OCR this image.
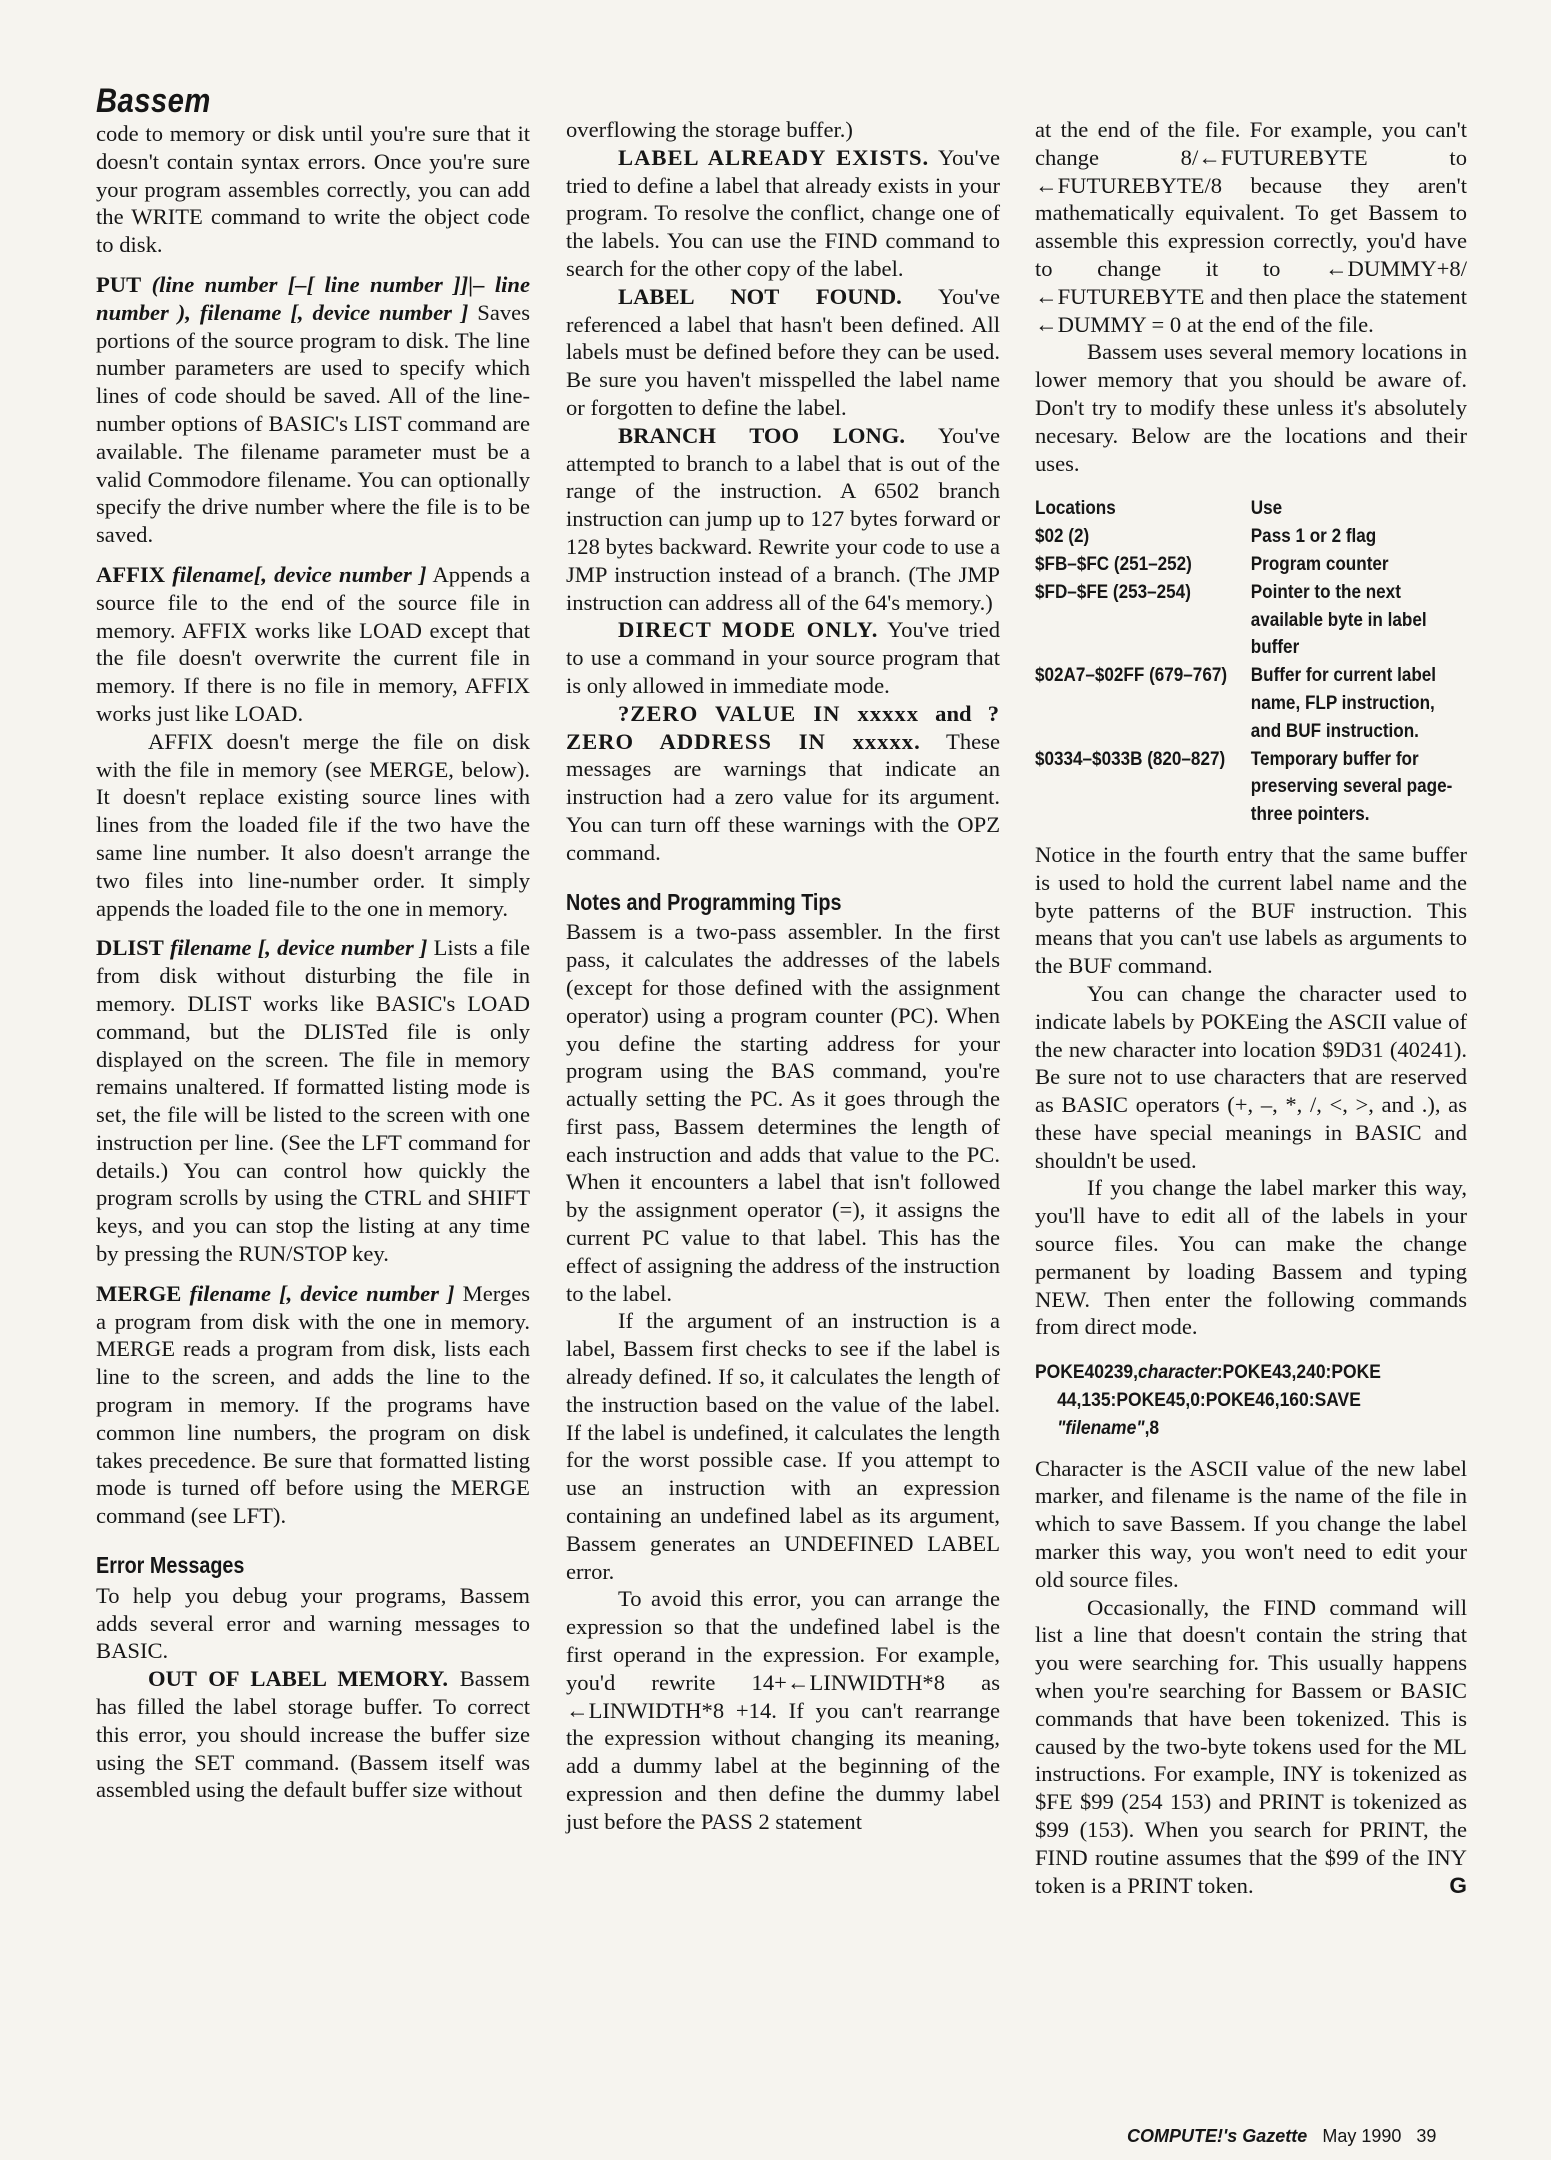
Bassem

code to memory or disk until you're sure that it doesn't contain syntax errors. Once you're sure your program assembles correctly, you can add the WRITE command to write the object code to disk.

PUT (line number [–[ line number ]]|– line number ), filename [, device number ] Saves portions of the source program to disk. The line number parameters are used to specify which lines of code should be saved. All of the line-number options of BASIC's LIST command are available. The filename parameter must be a valid Commodore filename. You can optionally specify the drive number where the file is to be saved.

AFFIX filename[, device number ] Appends a source file to the end of the source file in memory. AFFIX works like LOAD except that the file doesn't overwrite the current file in memory. If there is no file in memory, AFFIX works just like LOAD.

AFFIX doesn't merge the file on disk with the file in memory (see MERGE, below). It doesn't replace existing source lines with lines from the loaded file if the two have the same line number. It also doesn't arrange the two files into line-number order. It simply appends the loaded file to the one in memory.

DLIST filename [, device number ] Lists a file from disk without disturbing the file in memory. DLIST works like BASIC's LOAD command, but the DLISTed file is only displayed on the screen. The file in memory remains unaltered. If formatted listing mode is set, the file will be listed to the screen with one instruction per line. (See the LFT command for details.) You can control how quickly the program scrolls by using the CTRL and SHIFT keys, and you can stop the listing at any time by pressing the RUN/STOP key.

MERGE filename [, device number ] Merges a program from disk with the one in memory. MERGE reads a program from disk, lists each line to the screen, and adds the line to the program in memory. If the programs have common line numbers, the program on disk takes precedence. Be sure that formatted listing mode is turned off before using the MERGE command (see LFT).

Error Messages

To help you debug your programs, Bassem adds several error and warning messages to BASIC.

OUT OF LABEL MEMORY. Bassem has filled the label storage buffer. To correct this error, you should increase the buffer size using the SET command. (Bassem itself was assembled using the default buffer size without

overflowing the storage buffer.)

LABEL ALREADY EXISTS. You've tried to define a label that already exists in your program. To resolve the conflict, change one of the labels. You can use the FIND command to search for the other copy of the label.

LABEL NOT FOUND. You've referenced a label that hasn't been defined. All labels must be defined before they can be used. Be sure you haven't misspelled the label name or forgotten to define the label.

BRANCH TOO LONG. You've attempted to branch to a label that is out of the range of the instruction. A 6502 branch instruction can jump up to 127 bytes forward or 128 bytes backward. Rewrite your code to use a JMP instruction instead of a branch. (The JMP instruction can address all of the 64's memory.)

DIRECT MODE ONLY. You've tried to use a command in your source program that is only allowed in immediate mode.

?ZERO VALUE IN xxxxx and ?ZERO ADDRESS IN xxxxx. These messages are warnings that indicate an instruction had a zero value for its argument. You can turn off these warnings with the OPZ command.

Notes and Programming Tips

Bassem is a two-pass assembler. In the first pass, it calculates the addresses of the labels (except for those defined with the assignment operator) using a program counter (PC). When you define the starting address for your program using the BAS command, you're actually setting the PC. As it goes through the first pass, Bassem determines the length of each instruction and adds that value to the PC. When it encounters a label that isn't followed by the assignment operator (=), it assigns the current PC value to that label. This has the effect of assigning the address of the instruction to the label.

If the argument of an instruction is a label, Bassem first checks to see if the label is already defined. If so, it calculates the length of the instruction based on the value of the label. If the label is undefined, it calculates the length for the worst possible case. If you attempt to use an instruction with an expression containing an undefined label as its argument, Bassem generates an UNDEFINED LABEL error.

To avoid this error, you can arrange the expression so that the undefined label is the first operand in the expression. For example, you'd rewrite 14+←LINWIDTH*8 as ←LINWIDTH*8 +14. If you can't rearrange the expression without changing its meaning, add a dummy label at the beginning of the expression and then define the dummy label just before the PASS 2 statement

at the end of the file. For example, you can't change 8/←FUTUREBYTE to ←FUTUREBYTE/8 because they aren't mathematically equivalent. To get Bassem to assemble this expression correctly, you'd have to change it to ←DUMMY+8/←FUTUREBYTE and then place the statement ←DUMMY = 0 at the end of the file.

Bassem uses several memory locations in lower memory that you should be aware of. Don't try to modify these unless it's absolutely necesary. Below are the locations and their uses.

Locations	Use
$02 (2)	Pass 1 or 2 flag
$FB–$FC (251–252)	Program counter
$FD–$FE (253–254)	Pointer to the next available byte in label buffer
$02A7–$02FF (679–767)	Buffer for current label name, FLP instruction, and BUF instruction.
$0334–$033B (820–827)	Temporary buffer for preserving several page-three pointers.

Notice in the fourth entry that the same buffer is used to hold the current label name and the byte patterns of the BUF instruction. This means that you can't use labels as arguments to the BUF command.

You can change the character used to indicate labels by POKEing the ASCII value of the new character into location $9D31 (40241). Be sure not to use characters that are reserved as BASIC operators (+, –, *, /, <, >, and .), as these have special meanings in BASIC and shouldn't be used.

If you change the label marker this way, you'll have to edit all of the labels in your source files. You can make the change permanent by loading Bassem and typing NEW. Then enter the following commands from direct mode.

POKE40239,character:POKE43,240:POKE
44,135:POKE45,0:POKE46,160:SAVE
"filename",8

Character is the ASCII value of the new label marker, and filename is the name of the file in which to save Bassem. If you change the label marker this way, you won't need to edit your old source files.

Occasionally, the FIND command will list a line that doesn't contain the string that you were searching for. This usually happens when you're searching for Bassem or BASIC commands that have been tokenized. This is caused by the two-byte tokens used for the ML instructions. For example, INY is tokenized as $FE $99 (254 153) and PRINT is tokenized as $99 (153). When you search for PRINT, the FIND routine assumes that the $99 of the INY token is a PRINT token.	G

COMPUTE!'s Gazette May 1990 39
